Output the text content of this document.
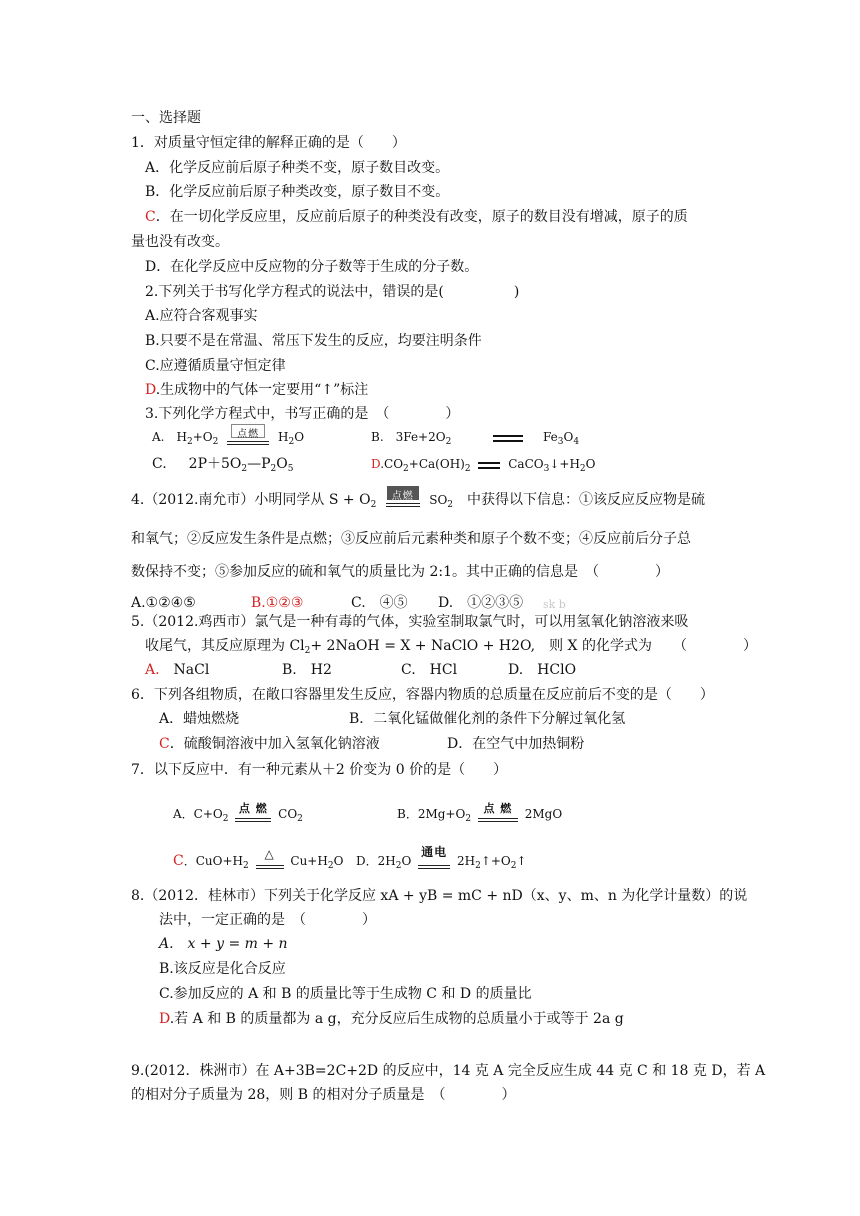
一、选择题
1．对质量守恒定律的解释正确的是（　　）
A．化学反应前后原子种类不变，原子数目改变。
B．化学反应前后原子种类改变，原子数目不变。
C．在一切化学反应里，反应前后原子的种类没有改变，原子的数目没有增减，原子的质
量也没有改变。
D．在化学反应中反应物的分子数等于生成的分子数。
2.下列关于书写化学方程式的说法中，错误的是(　　　　　)
A.应符合客观事实
B.只要不是在常温、常压下发生的反应，均要注明条件
C.应遵循质量守恒定律
D.生成物中的气体一定要用“↑”标注
3.下列化学方程式中，书写正确的是　（　　　　）
A.　$H_2+O_2$
点燃	$H_2O$	B.　$3Fe+2O_2$	$Fe_3O_4$
C. $2P+5O_2—P_2O_5$	$D.CO_2+Ca(OH)_2$	$CaCO_3↓+H_2O$
4.（2012.南允市）小明同学从 $S + O_2$
点燃	$SO_2$　中获得以下信息：①该反应反应物是硫
和氧气；②反应发生条件是点燃；③反应前后元素种类和原子个数不变；④反应前后分子总
数保持不变；⑤参加反应的硫和氧气的质量比为 2:1。其中正确的信息是　（　　　　）
A.①②④⑤	B.①②③	C.　④⑤ D.　①②③⑤ sk b
5.（2012.鸡西市）氯气是一种有毒的气体，实验室制取氯气时，可以用氢氧化钠溶液来吸
收尾气，其反应原理为 $Cl_2+$ 2NaOH = X + NaClO + H2O,　则 X 的化学式为　　（　　　　）
A.　NaCl	B.　H2	C.　HCl	D.　HClO
6．下列各组物质，在敞口容器里发生反应，容器内物质的总质量在反应前后不变的是（　　）
A．蜡烛燃烧	B．二氧化锰做催化剂的条件下分解过氧化氢
C．硫酸铜溶液中加入氢氧化钠溶液	D．在空气中加热铜粉
7．以下反应中．有一种元素从＋2 价变为 0 价的是（　　）
A．$C+O_2$
点 燃 $CO_2$	B．$2Mg+O_2$
点 燃	2MgO
C．$CuO+H_2$
△
$Cu+H_2O$ D．$2H_2O$
通电
$2H_2↑+O_2↑$
8.（2012．桂林市）下列关于化学反应 xA + yB = mC + nD（x、y、m、n 为化学计量数）的说
法中，一定正确的是　（　　　　）
A.　x + y = m + n
B.该反应是化合反应
C.参加反应的 A 和 B 的质量比等于生成物 C 和 D 的质量比
D.若 A 和 B 的质量都为 a g，充分反应后生成物的总质量小于或等于 2a g
9.(2012．株洲市）在 A+3B=2C+2D 的反应中，14 克 A 完全反应生成 44 克 C 和 18 克 D，若 A
的相对分子质量为 28，则 B 的相对分子质量是　（　　　　）
